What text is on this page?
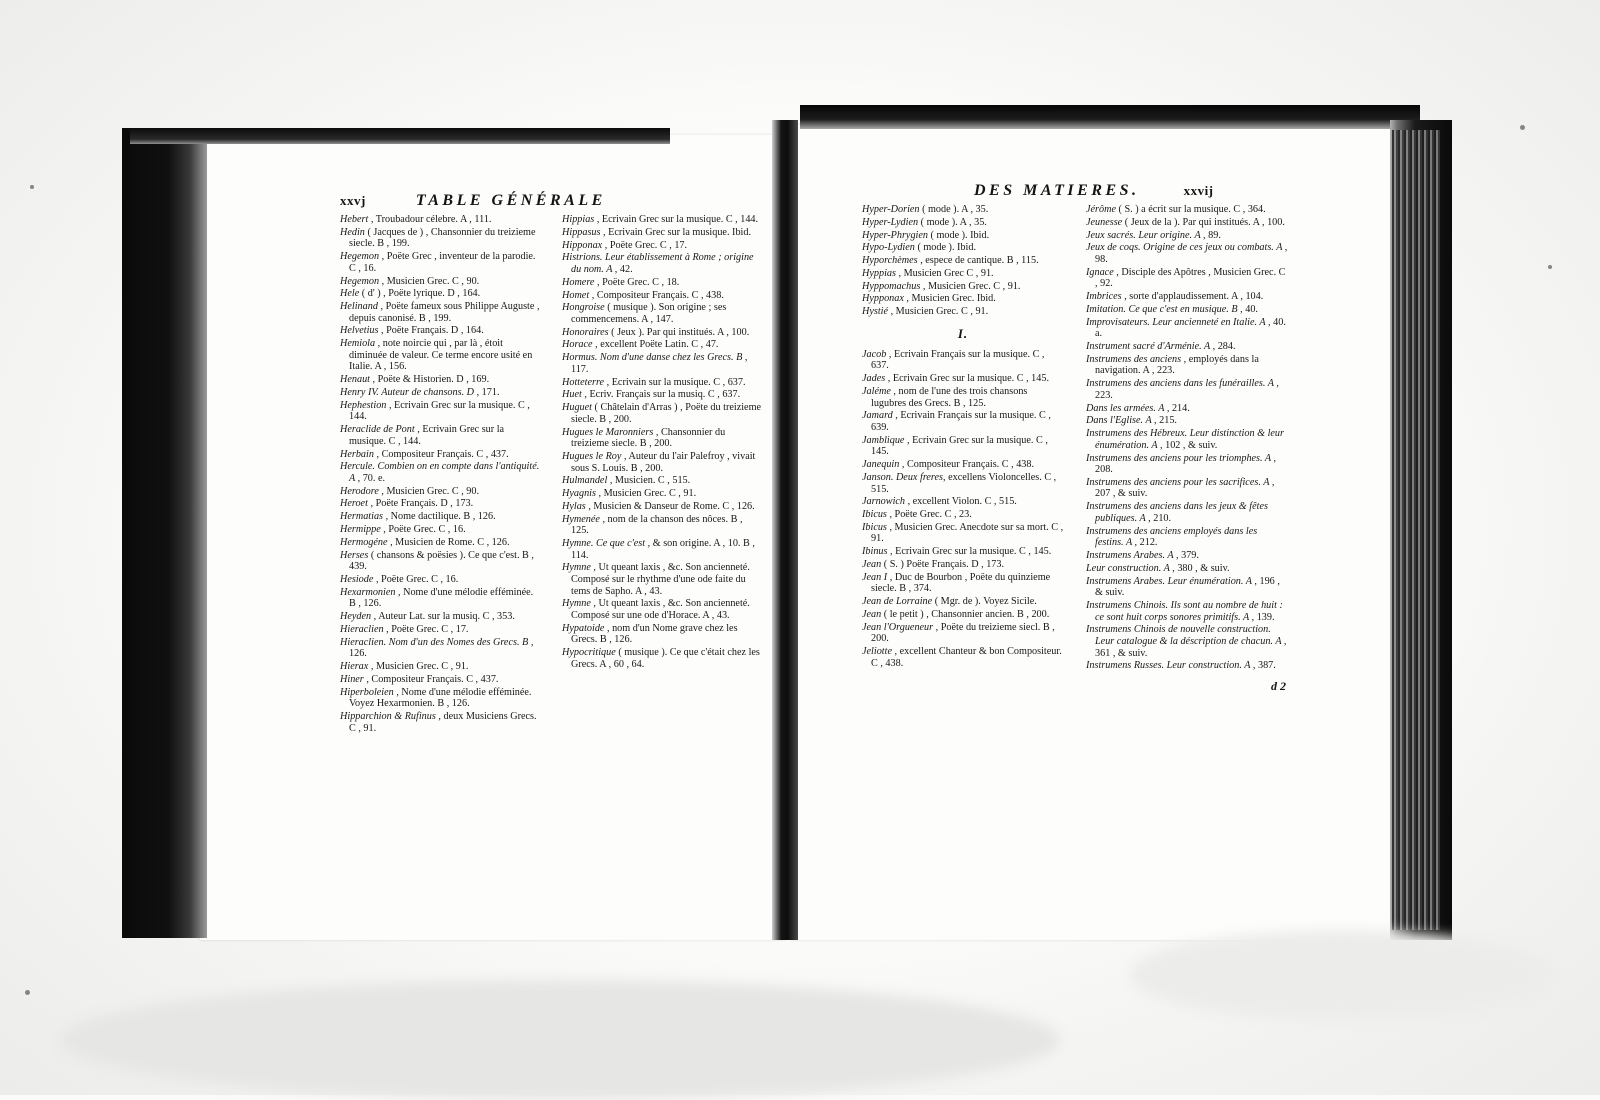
xxvj	TABLE GÉNÉRALE
Hebert , Troubadour célebre. A , 111.
Hedin ( Jacques de ) , Chansonnier du treizieme siecle. B , 199.
Hegemon , Poëte Grec , inventeur de la parodie. C , 16.
Hegemon , Musicien Grec. C , 90.
Hele ( d' ) , Poëte lyrique. D , 164.
Helinand , Poëte fameux sous Philippe Auguste , depuis canonisé. B , 199.
Helvetius , Poëte Français. D , 164.
Hemiola , note noircie qui , par là , étoit diminuée de valeur. Ce terme encore usité en Italie. A , 156.
Henaut , Poëte & Historien. D , 169.
Henry IV. Auteur de chansons. D , 171.
Hephestion , Ecrivain Grec sur la musique. C , 144.
Heraclide de Pont , Ecrivain Grec sur la musique. C , 144.
Herbain , Compositeur Français. C , 437.
Hercule. Combien on en compte dans l'antiquité. A , 70. e.
Herodore , Musicien Grec. C , 90.
Heroet , Poëte Français. D , 173.
Hermatias , Nome dactilique. B , 126.
Hermippe , Poëte Grec. C , 16.
Hermogéne , Musicien de Rome. C , 126.
Herses ( chansons & poësies ). Ce que c'est. B , 439.
Hesiode , Poëte Grec. C , 16.
Hexarmonien , Nome d'une mélodie efféminée. B , 126.
Heyden , Auteur Lat. sur la musiq. C , 353.
Hieraclien , Poëte Grec. C , 17.
Hieraclien. Nom d'un des Nomes des Grecs. B , 126.
Hierax , Musicien Grec. C , 91.
Hiner , Compositeur Français. C , 437.
Hiperboleien , Nome d'une mélodie efféminée. Voyez Hexarmonien. B , 126.
Hipparchion & Rufinus , deux Musiciens Grecs. C , 91.
Hippias , Ecrivain Grec sur la musique. C , 144.
Hippasus , Ecrivain Grec sur la musique. Ibid.
Hipponax , Poëte Grec. C , 17.
Histrions. Leur établissement à Rome ; origine du nom. A , 42.
Homere , Poëte Grec. C , 18.
Homet , Compositeur Français. C , 438.
Hongroise ( musique ). Son origine ; ses commencemens. A , 147.
Honoraires ( Jeux ). Par qui institués. A , 100.
Horace , excellent Poëte Latin. C , 47.
Hormus. Nom d'une danse chez les Grecs. B , 117.
Hotteterre , Ecrivain sur la musique. C , 637.
Huet , Ecriv. Français sur la musiq. C , 637.
Huguet ( Châtelain d'Arras ) , Poëte du treizieme siecle. B , 200.
Hugues le Maronniers , Chansonnier du treizieme siecle. B , 200.
Hugues le Roy , Auteur du l'air Palefroy , vivait sous S. Louis. B , 200.
Hulmandel , Musicien. C , 515.
Hyagnis , Musicien Grec. C , 91.
Hylas , Musicien & Danseur de Rome. C , 126.
Hymenée , nom de la chanson des nôces. B , 125.
Hymne. Ce que c'est , & son origine. A , 10. B , 114.
Hymne , Ut queant laxis , &c. Son ancienneté. Composé sur le rhythme d'une ode faite du tems de Sapho. A , 43.
Hymne , Ut queant laxis , &c. Son ancienneté. Composé sur une ode d'Horace. A , 43.
Hypatoide , nom d'un Nome grave chez les Grecs. B , 126.
Hypocritique ( musique ). Ce que c'était chez les Grecs. A , 60 , 64.
DES MATIERES.	xxvij
Hyper-Dorien ( mode ). A , 35.
Hyper-Lydien ( mode ). A , 35.
Hyper-Phrygien ( mode ). Ibid.
Hypo-Lydien ( mode ). Ibid.
Hyporchèmes , espece de cantique. B , 115.
Hyppias , Musicien Grec C , 91.
Hyppomachus , Musicien Grec. C , 91.
Hypponax , Musicien Grec. Ibid.
Hystié , Musicien Grec. C , 91.
I.
Jacob , Ecrivain Français sur la musique. C , 637.
Jades , Ecrivain Grec sur la musique. C , 145.
Jaléme , nom de l'une des trois chansons lugubres des Grecs. B , 125.
Jamard , Ecrivain Français sur la musique. C , 639.
Jamblique , Ecrivain Grec sur la musique. C , 145.
Janequin , Compositeur Français. C , 438.
Janson. Deux freres, excellens Violoncelles. C , 515.
Jarnowich , excellent Violon. C , 515.
Ibicus , Poëte Grec. C , 23.
Ibicus , Musicien Grec. Anecdote sur sa mort. C , 91.
Ibinus , Ecrivain Grec sur la musique. C , 145.
Jean ( S. ) Poëte Français. D , 173.
Jean I , Duc de Bourbon , Poëte du quinzieme siecle. B , 374.
Jean de Lorraine ( Mgr. de ). Voyez Sicile.
Jean ( le petit ) , Chansonnier ancien. B , 200.
Jean l'Orgueneur , Poëte du treizieme siecl. B , 200.
Jeliotte , excellent Chanteur & bon Compositeur. C , 438.
Jérôme ( S. ) a écrit sur la musique. C , 364.
Jeunesse ( Jeux de la ). Par qui institués. A , 100.
Jeux sacrés. Leur origine. A , 89.
Jeux de coqs. Origine de ces jeux ou combats. A , 98.
Ignace , Disciple des Apôtres , Musicien Grec. C , 92.
Imbrices , sorte d'applaudissement. A , 104.
Imitation. Ce que c'est en musique. B , 40.
Improvisateurs. Leur ancienneté en Italie. A , 40. a.
Instrument sacré d'Arménie. A , 284.
Instrumens des anciens , employés dans la navigation. A , 223.
Instrumens des anciens dans les funérailles. A , 223.
Dans les armées. A , 214.
Dans l'Eglise. A , 215.
Instrumens des Hébreux. Leur distinction & leur énumération. A , 102 , & suiv.
Instrumens des anciens pour les triomphes. A , 208.
Instrumens des anciens pour les sacrifices. A , 207 , & suiv.
Instrumens des anciens dans les jeux & fêtes publiques. A , 210.
Instrumens des anciens employés dans les festins. A , 212.
Instrumens Arabes. A , 379.
Leur construction. A , 380 , & suiv.
Instrumens Arabes. Leur énumération. A , 196 , & suiv.
Instrumens Chinois. Ils sont au nombre de huit : ce sont huit corps sonores primitifs. A , 139.
Instrumens Chinois de nouvelle construction. Leur catalogue & la déscription de chacun. A , 361 , & suiv.
Instrumens Russes. Leur construction. A , 387.
d 2
